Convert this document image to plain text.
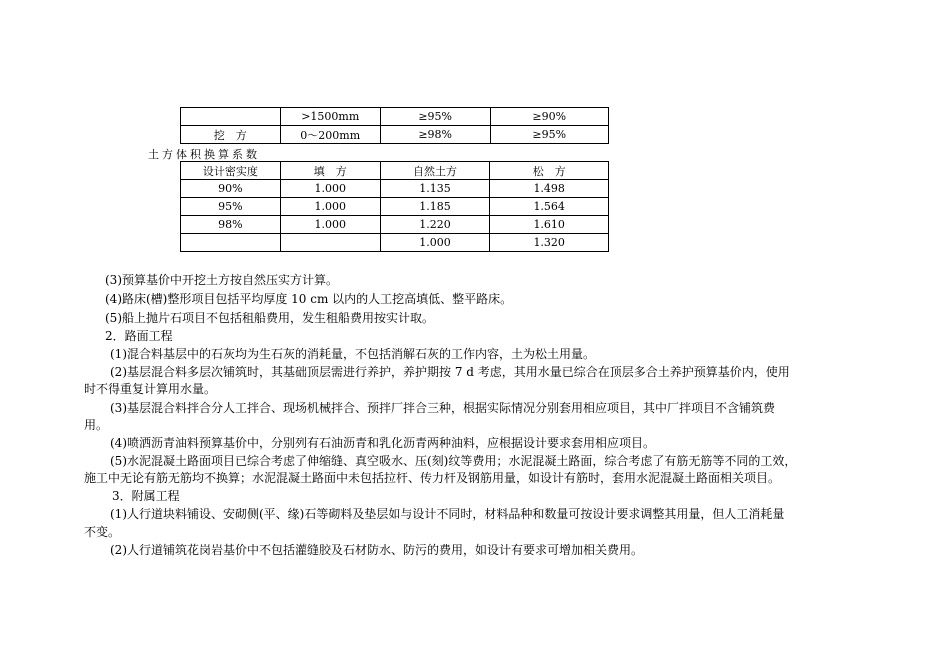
	>1500mm	≥95%	≥90%
挖　方	0～200mm	≥98%	≥95%
土方体积换算系数
设计密实度	填　方	自然土方	松　方
90%	1.000	1.135	1.498
95%	1.000	1.185	1.564
98%	1.000	1.220	1.610
		1.000	1.320
(3)预算基价中开挖土方按自然压实方计算。
(4)路床(槽)整形项目包括平均厚度 10 cm 以内的人工挖高填低、整平路床。
(5)船上抛片石项目不包括租船费用，发生租船费用按实计取。
2．路面工程
(1)混合料基层中的石灰均为生石灰的消耗量，不包括消解石灰的工作内容，土为松土用量。
(2)基层混合料多层次铺筑时，其基础顶层需进行养护，养护期按 7 d 考虑，其用水量已综合在顶层多合土养护预算基价内，使用
时不得重复计算用水量。
(3)基层混合料拌合分人工拌合、现场机械拌合、预拌厂拌合三种，根据实际情况分别套用相应项目，其中厂拌项目不含铺筑费
用。
(4)喷洒沥青油料预算基价中，分别列有石油沥青和乳化沥青两种油料，应根据设计要求套用相应项目。
(5)水泥混凝土路面项目已综合考虑了伸缩缝、真空吸水、压(刻)纹等费用；水泥混凝土路面，综合考虑了有筋无筋等不同的工效，
施工中无论有筋无筋均不换算；水泥混凝土路面中未包括拉杆、传力杆及钢筋用量，如设计有筋时，套用水泥混凝土路面相关项目。
3．附属工程
(1)人行道块料铺设、安砌侧(平、缘)石等砌料及垫层如与设计不同时，材料品种和数量可按设计要求调整其用量，但人工消耗量
不变。
(2)人行道铺筑花岗岩基价中不包括灌缝胶及石材防水、防污的费用，如设计有要求可增加相关费用。
